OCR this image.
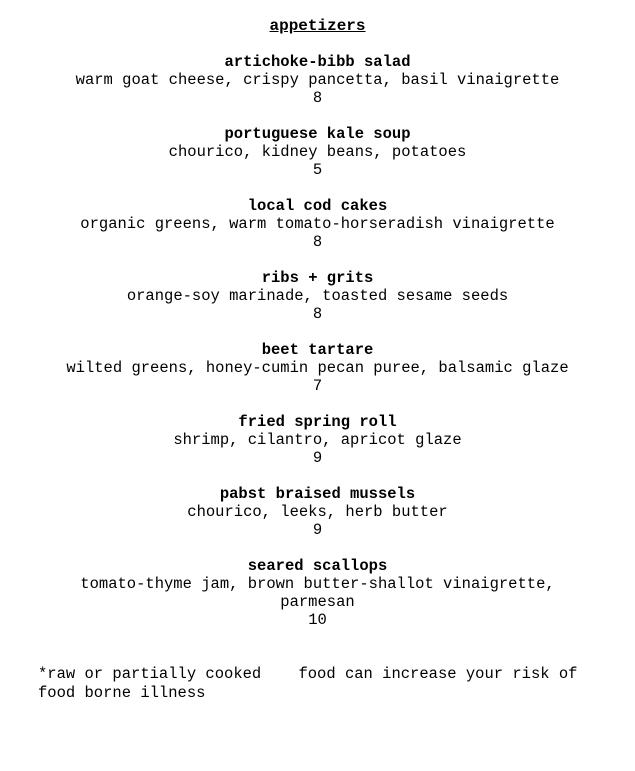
appetizers
artichoke-bibb salad
warm goat cheese, crispy pancetta, basil vinaigrette
8
portuguese kale soup
chourico, kidney beans, potatoes
5
local cod cakes
organic greens, warm tomato-horseradish vinaigrette
8
ribs + grits
orange-soy marinade, toasted sesame seeds
8
beet tartare
wilted greens, honey-cumin pecan puree, balsamic glaze
7
fried spring roll
shrimp, cilantro, apricot glaze
9
pabst braised mussels
chourico, leeks, herb butter
9
seared scallops
tomato-thyme jam, brown butter-shallot vinaigrette, parmesan
10

*raw or partially cooked    food can increase your risk of food borne illness
